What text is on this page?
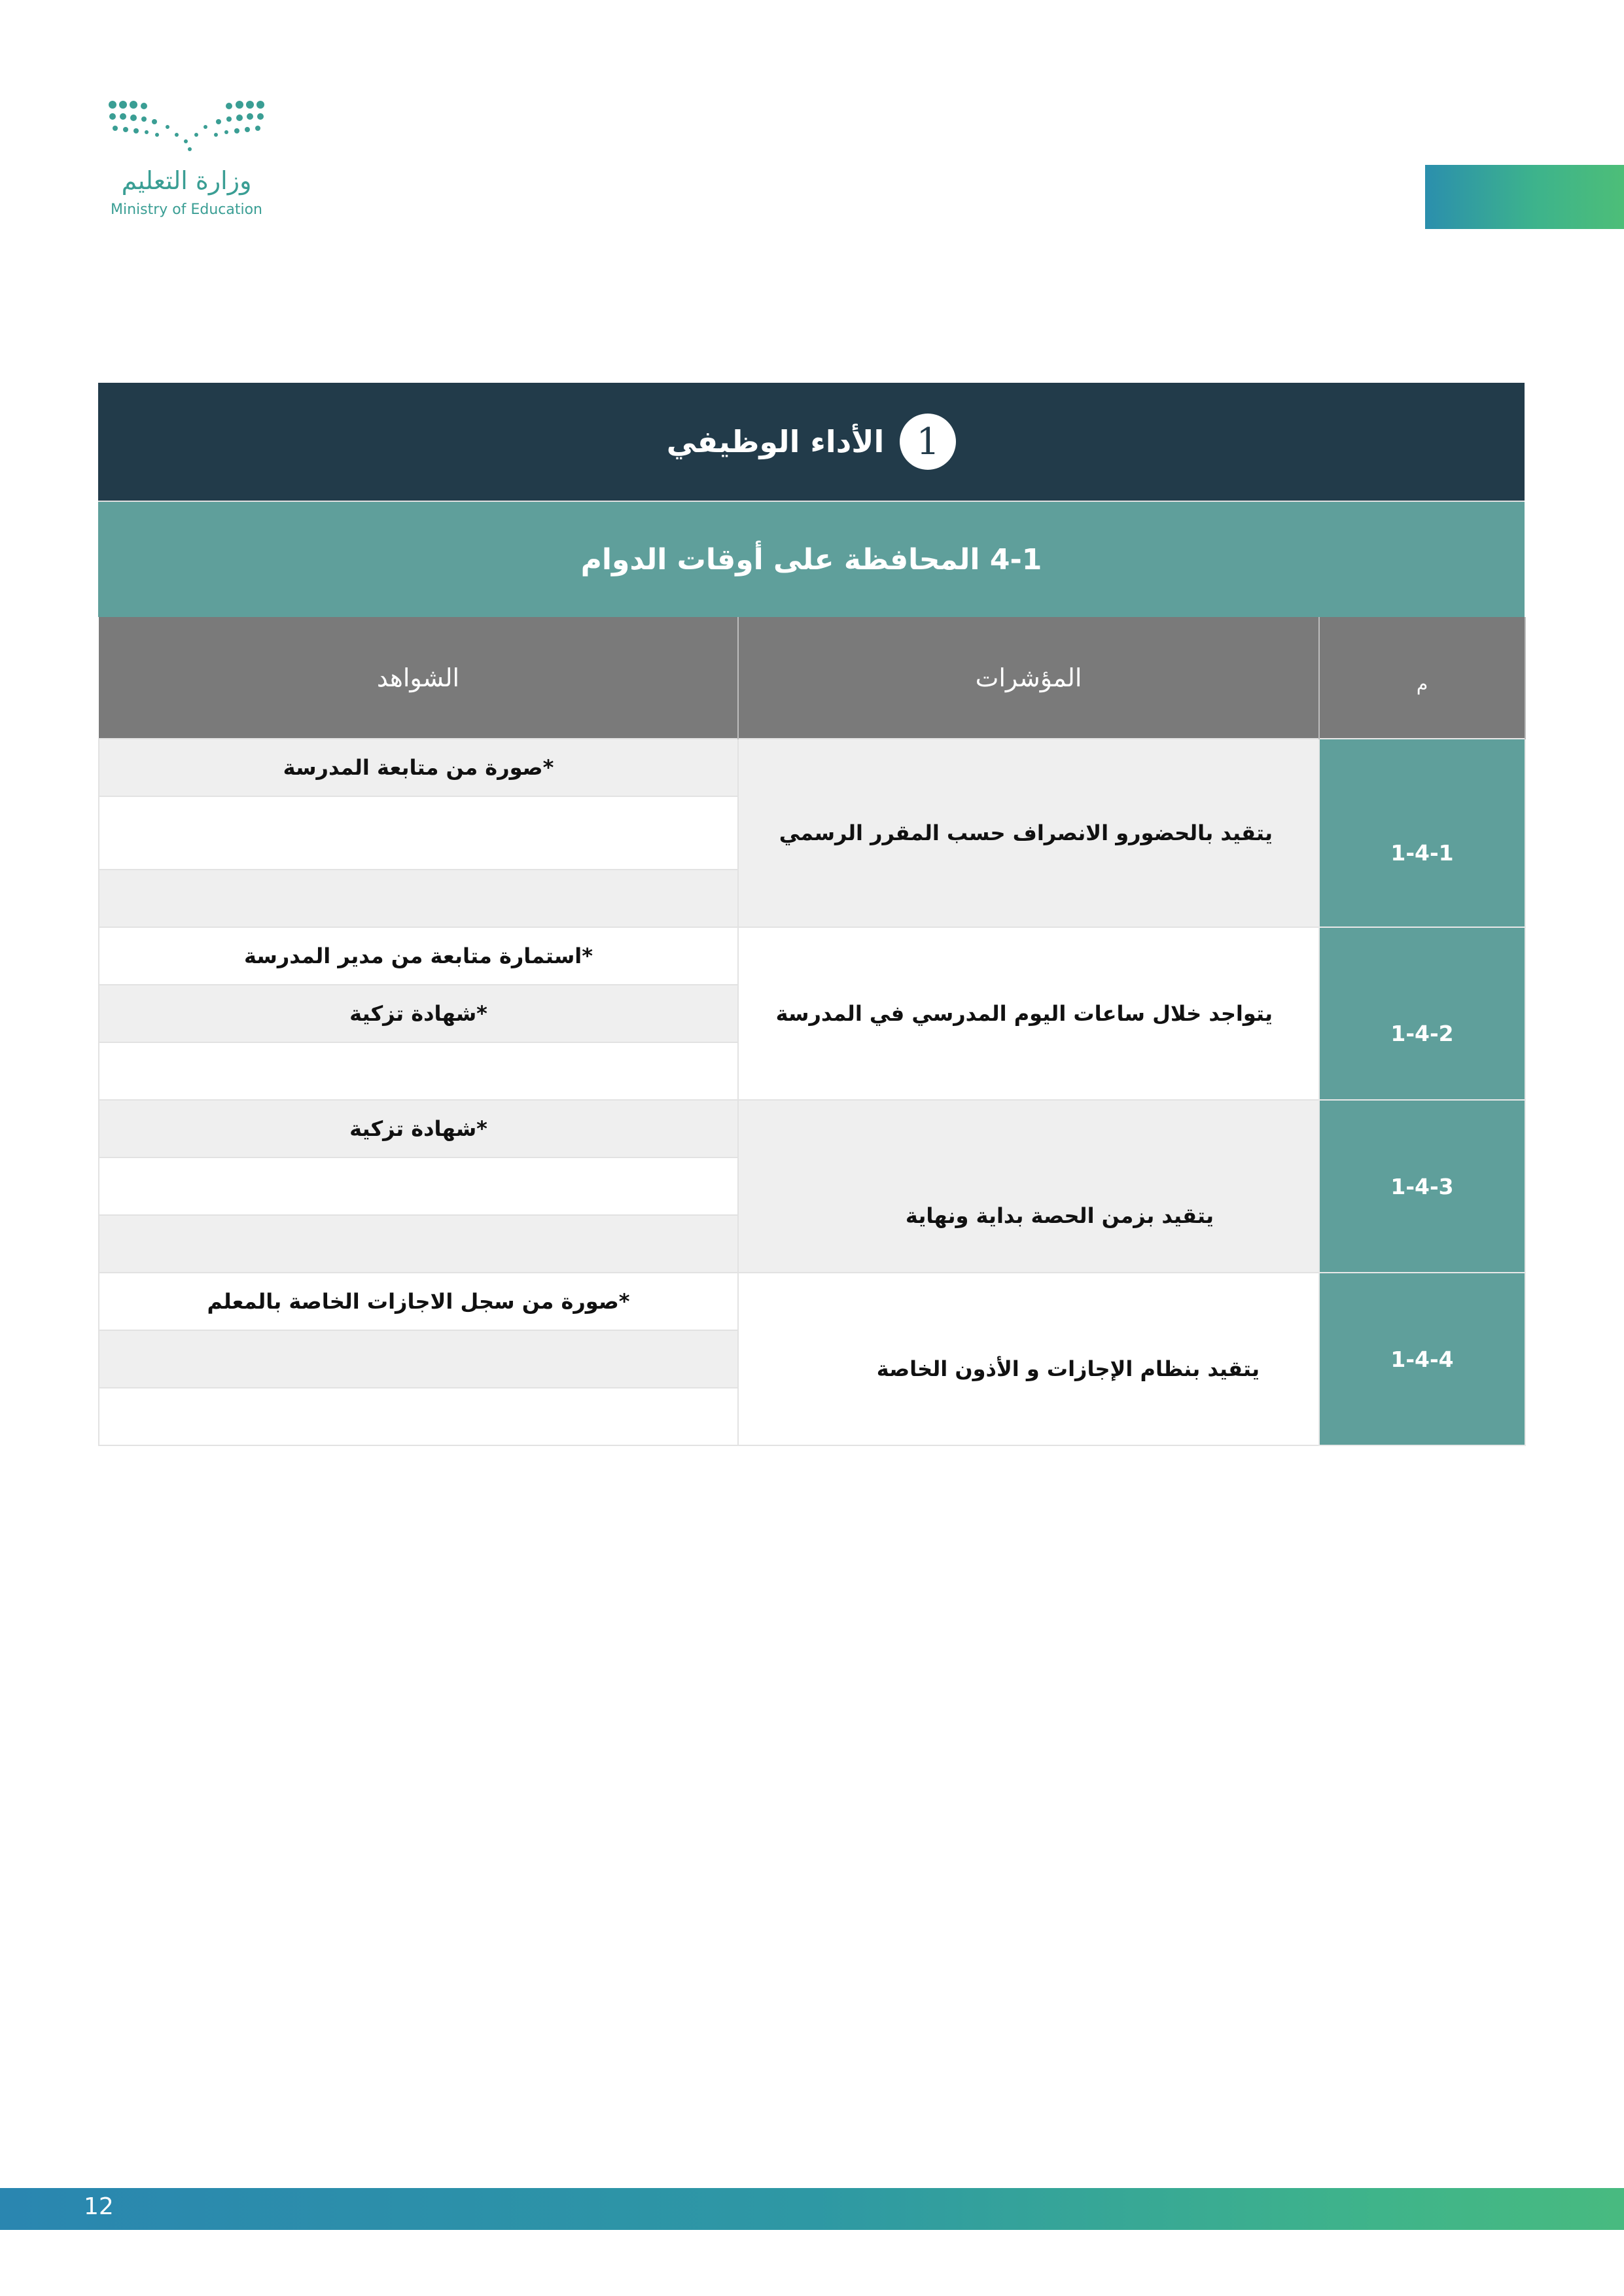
وزارة التعليم
Ministry of Education
1
الأداء الوظيفي
4-1 المحافظة على أوقات الدوام
م	المؤشرات	الشواهد
1-4-1	يتقيد بالحضورو الانصراف حسب المقرر الرسمي	*صورة من متابعة المدرسة

1-4-2	يتواجد خلال ساعات اليوم المدرسي في المدرسة	*استمارة متابعة من مدير المدرسة
		*شهادة تزكية

1-4-3	يتقيد بزمن الحصة بداية ونهاية	*شهادة تزكية

1-4-4	يتقيد بنظام الإجازات و الأذون الخاصة	*صورة من سجل الاجازات الخاصة بالمعلم

12
